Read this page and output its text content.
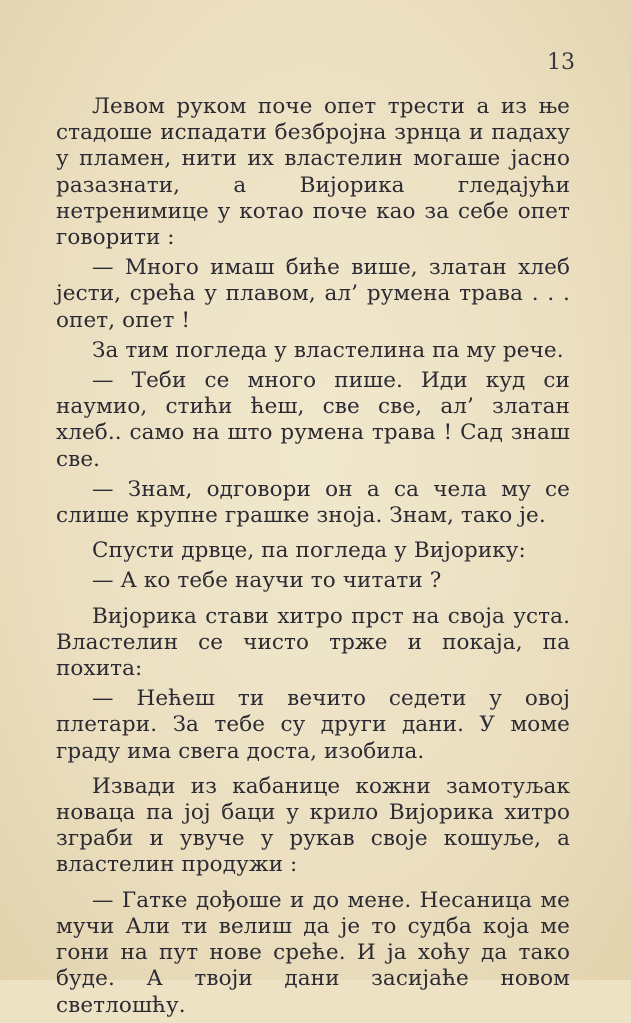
13

Левом руком поче опет трести а из ње стадоше испадати безбројна зрнца и падаху у пламен, нити их властелин могаше јасно разазнати, а Вијорика гледајући нетренимице у котао поче као за себе опет говорити :

— Много имаш биће више, златан хлеб јести, срећа у плавом, ал’ румена трава . . . опет, опет !

За тим погледа у властелина па му рече.

— Теби се много пише. Иди куд си наумио, стићи ћеш, све све, ал’ златан хлеб.. само на што румена трава ! Сад знаш све.

— Знам, одговори он а са чела му се слише крупне грашке зноја. Знам, тако је.

Спусти дрвце, па погледа у Вијорику:

— А ко тебе научи то читати ?

Вијорика стави хитро прст на своја уста. Властелин се чисто трже и покаја, па похита:

— Нећеш ти вечито седети у овој плетари. За тебе су други дани. У моме граду има свега доста, изобила.

Извади из кабанице кожни замотуљак новаца па јој баци у крило Вијорика хитро зграби и увуче у рукав своје кошуље, а властелин продужи :

— Гатке дођоше и до мене. Несаница ме мучи Али ти велиш да је то судба која ме гони на пут нове среће. И ја хоћу да тако буде. А твоји дани засијаће новом светлошћу.
